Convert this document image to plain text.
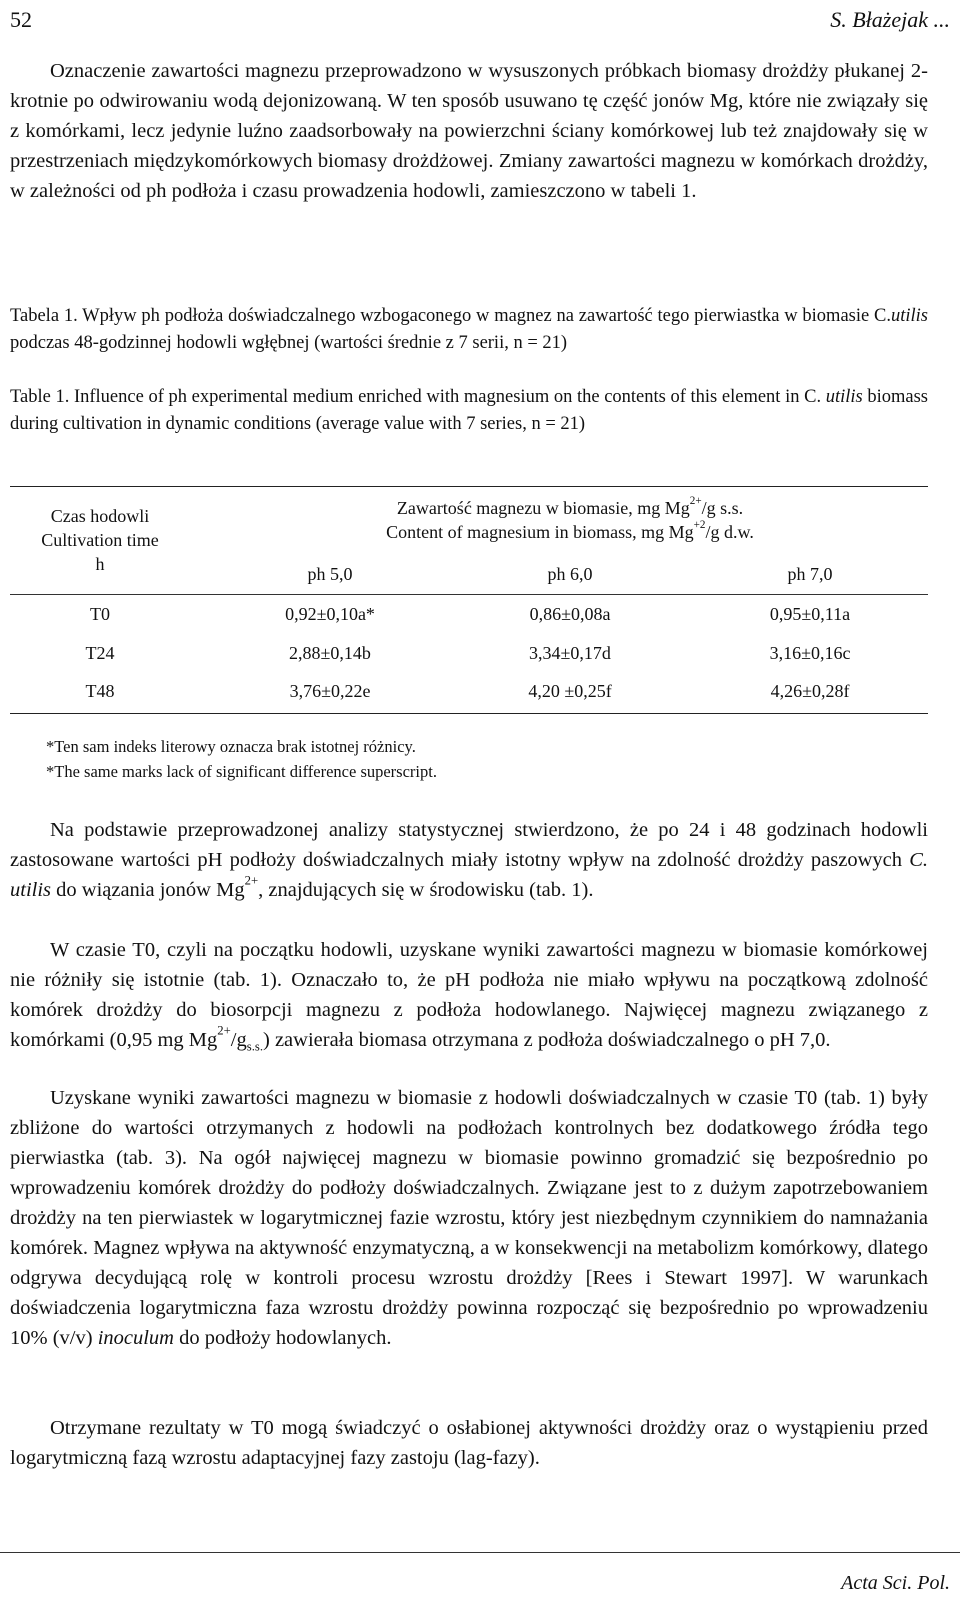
52	S. Błażejak ...

Oznaczenie zawartości magnezu przeprowadzono w wysuszonych próbkach biomasy drożdży płukanej 2-krotnie po odwirowaniu wodą dejonizowaną. W ten sposób usuwano tę część jonów Mg, które nie związały się z komórkami, lecz jedynie luźno zaadsorbowały na powierzchni ściany komórkowej lub też znajdowały się w przestrzeniach międzykomórkowych biomasy drożdżowej. Zmiany zawartości magnezu w komórkach drożdży, w zależności od ph podłoża i czasu prowadzenia hodowli, zamieszczono w tabeli 1.

Tabela 1. Wpływ ph podłoża doświadczalnego wzbogaconego w magnez na zawartość tego pierwiastka w biomasie C.utilis podczas 48-godzinnej hodowli wgłębnej (wartości średnie z 7 serii, n = 21)

Table 1. Influence of ph experimental medium enriched with magnesium on the contents of this element in C. utilis biomass during cultivation in dynamic conditions (average value with 7 series, n = 21)

Czas hodowli
Cultivation time
h
Zawartość magnezu w biomasie, mg $Mg^{2+}/g$ s.s.
Content of magnesium in biomass, mg $Mg^{+2}/g$ d.w.
ph 5,0	ph 6,0	ph 7,0
T0	0,92±0,10a*	0,86±0,08a	0,95±0,11a
T24	2,88±0,14b	3,34±0,17d	3,16±0,16c
T48	3,76±0,22e	4,20 ±0,25f	4,26±0,28f
*Ten sam indeks literowy oznacza brak istotnej różnicy.
*The same marks lack of significant difference superscript.

Na podstawie przeprowadzonej analizy statystycznej stwierdzono, że po 24 i 48 godzinach hodowli zastosowane wartości pH podłoży doświadczalnych miały istotny wpływ na zdolność drożdży paszowych C. utilis do wiązania jonów $Mg^{2+}$, znajdujących się w środowisku (tab. 1).

W czasie T0, czyli na początku hodowli, uzyskane wyniki zawartości magnezu w biomasie komórkowej nie różniły się istotnie (tab. 1). Oznaczało to, że pH podłoża nie miało wpływu na początkową zdolność komórek drożdży do biosorpcji magnezu z podłoża hodowlanego. Najwięcej magnezu związanego z komórkami (0,95 mg $Mg^{2+}/g_{s.s.}$) zawierała biomasa otrzymana z podłoża doświadczalnego o pH 7,0.

Uzyskane wyniki zawartości magnezu w biomasie z hodowli doświadczalnych w czasie T0 (tab. 1) były zbliżone do wartości otrzymanych z hodowli na podłożach kontrolnych bez dodatkowego źródła tego pierwiastka (tab. 3). Na ogół najwięcej magnezu w biomasie powinno gromadzić się bezpośrednio po wprowadzeniu komórek drożdży do podłoży doświadczalnych. Związane jest to z dużym zapotrzebowaniem drożdży na ten pierwiastek w logarytmicznej fazie wzrostu, który jest niezbędnym czynnikiem do namnażania komórek. Magnez wpływa na aktywność enzymatyczną, a w konsekwencji na metabolizm komórkowy, dlatego odgrywa decydującą rolę w kontroli procesu wzrostu drożdży [Rees i Stewart 1997]. W warunkach doświadczenia logarytmiczna faza wzrostu drożdży powinna rozpocząć się bezpośrednio po wprowadzeniu 10% (v/v) inoculum do podłoży hodowlanych.

Otrzymane rezultaty w T0 mogą świadczyć o osłabionej aktywności drożdży oraz o wystąpieniu przed logarytmiczną fazą wzrostu adaptacyjnej fazy zastoju (lag-fazy).

Acta Sci. Pol.
